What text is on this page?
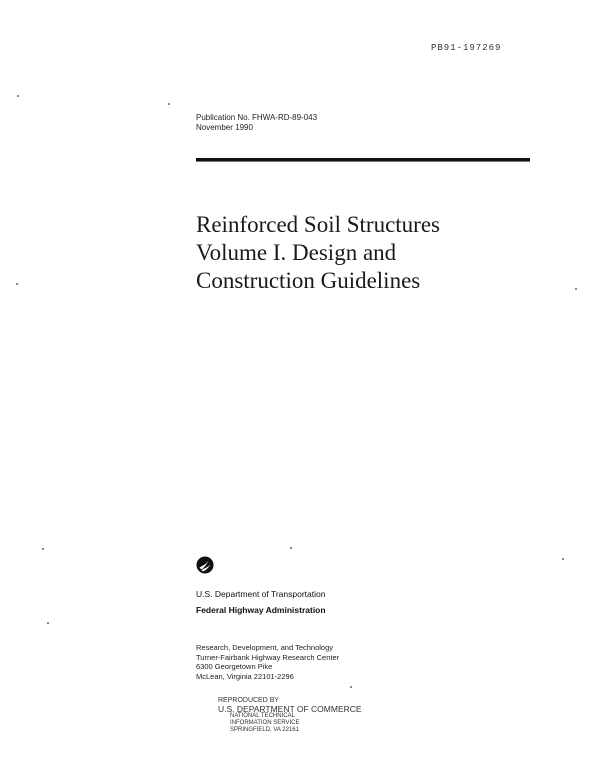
PB91-197269
Publication No. FHWA-RD-89-043
November 1990
Reinforced Soil Structures
Volume I. Design and
Construction Guidelines
U.S. Department of Transportation
Federal Highway Administration
Research, Development, and Technology
Turner-Fairbank Highway Research Center
6300 Georgetown Pike
McLean, Virginia 22101-2296
REPRODUCED BY
U.S. DEPARTMENT OF COMMERCE
NATIONAL TECHNICAL
INFORMATION SERVICE
SPRINGFIELD, VA 22161
